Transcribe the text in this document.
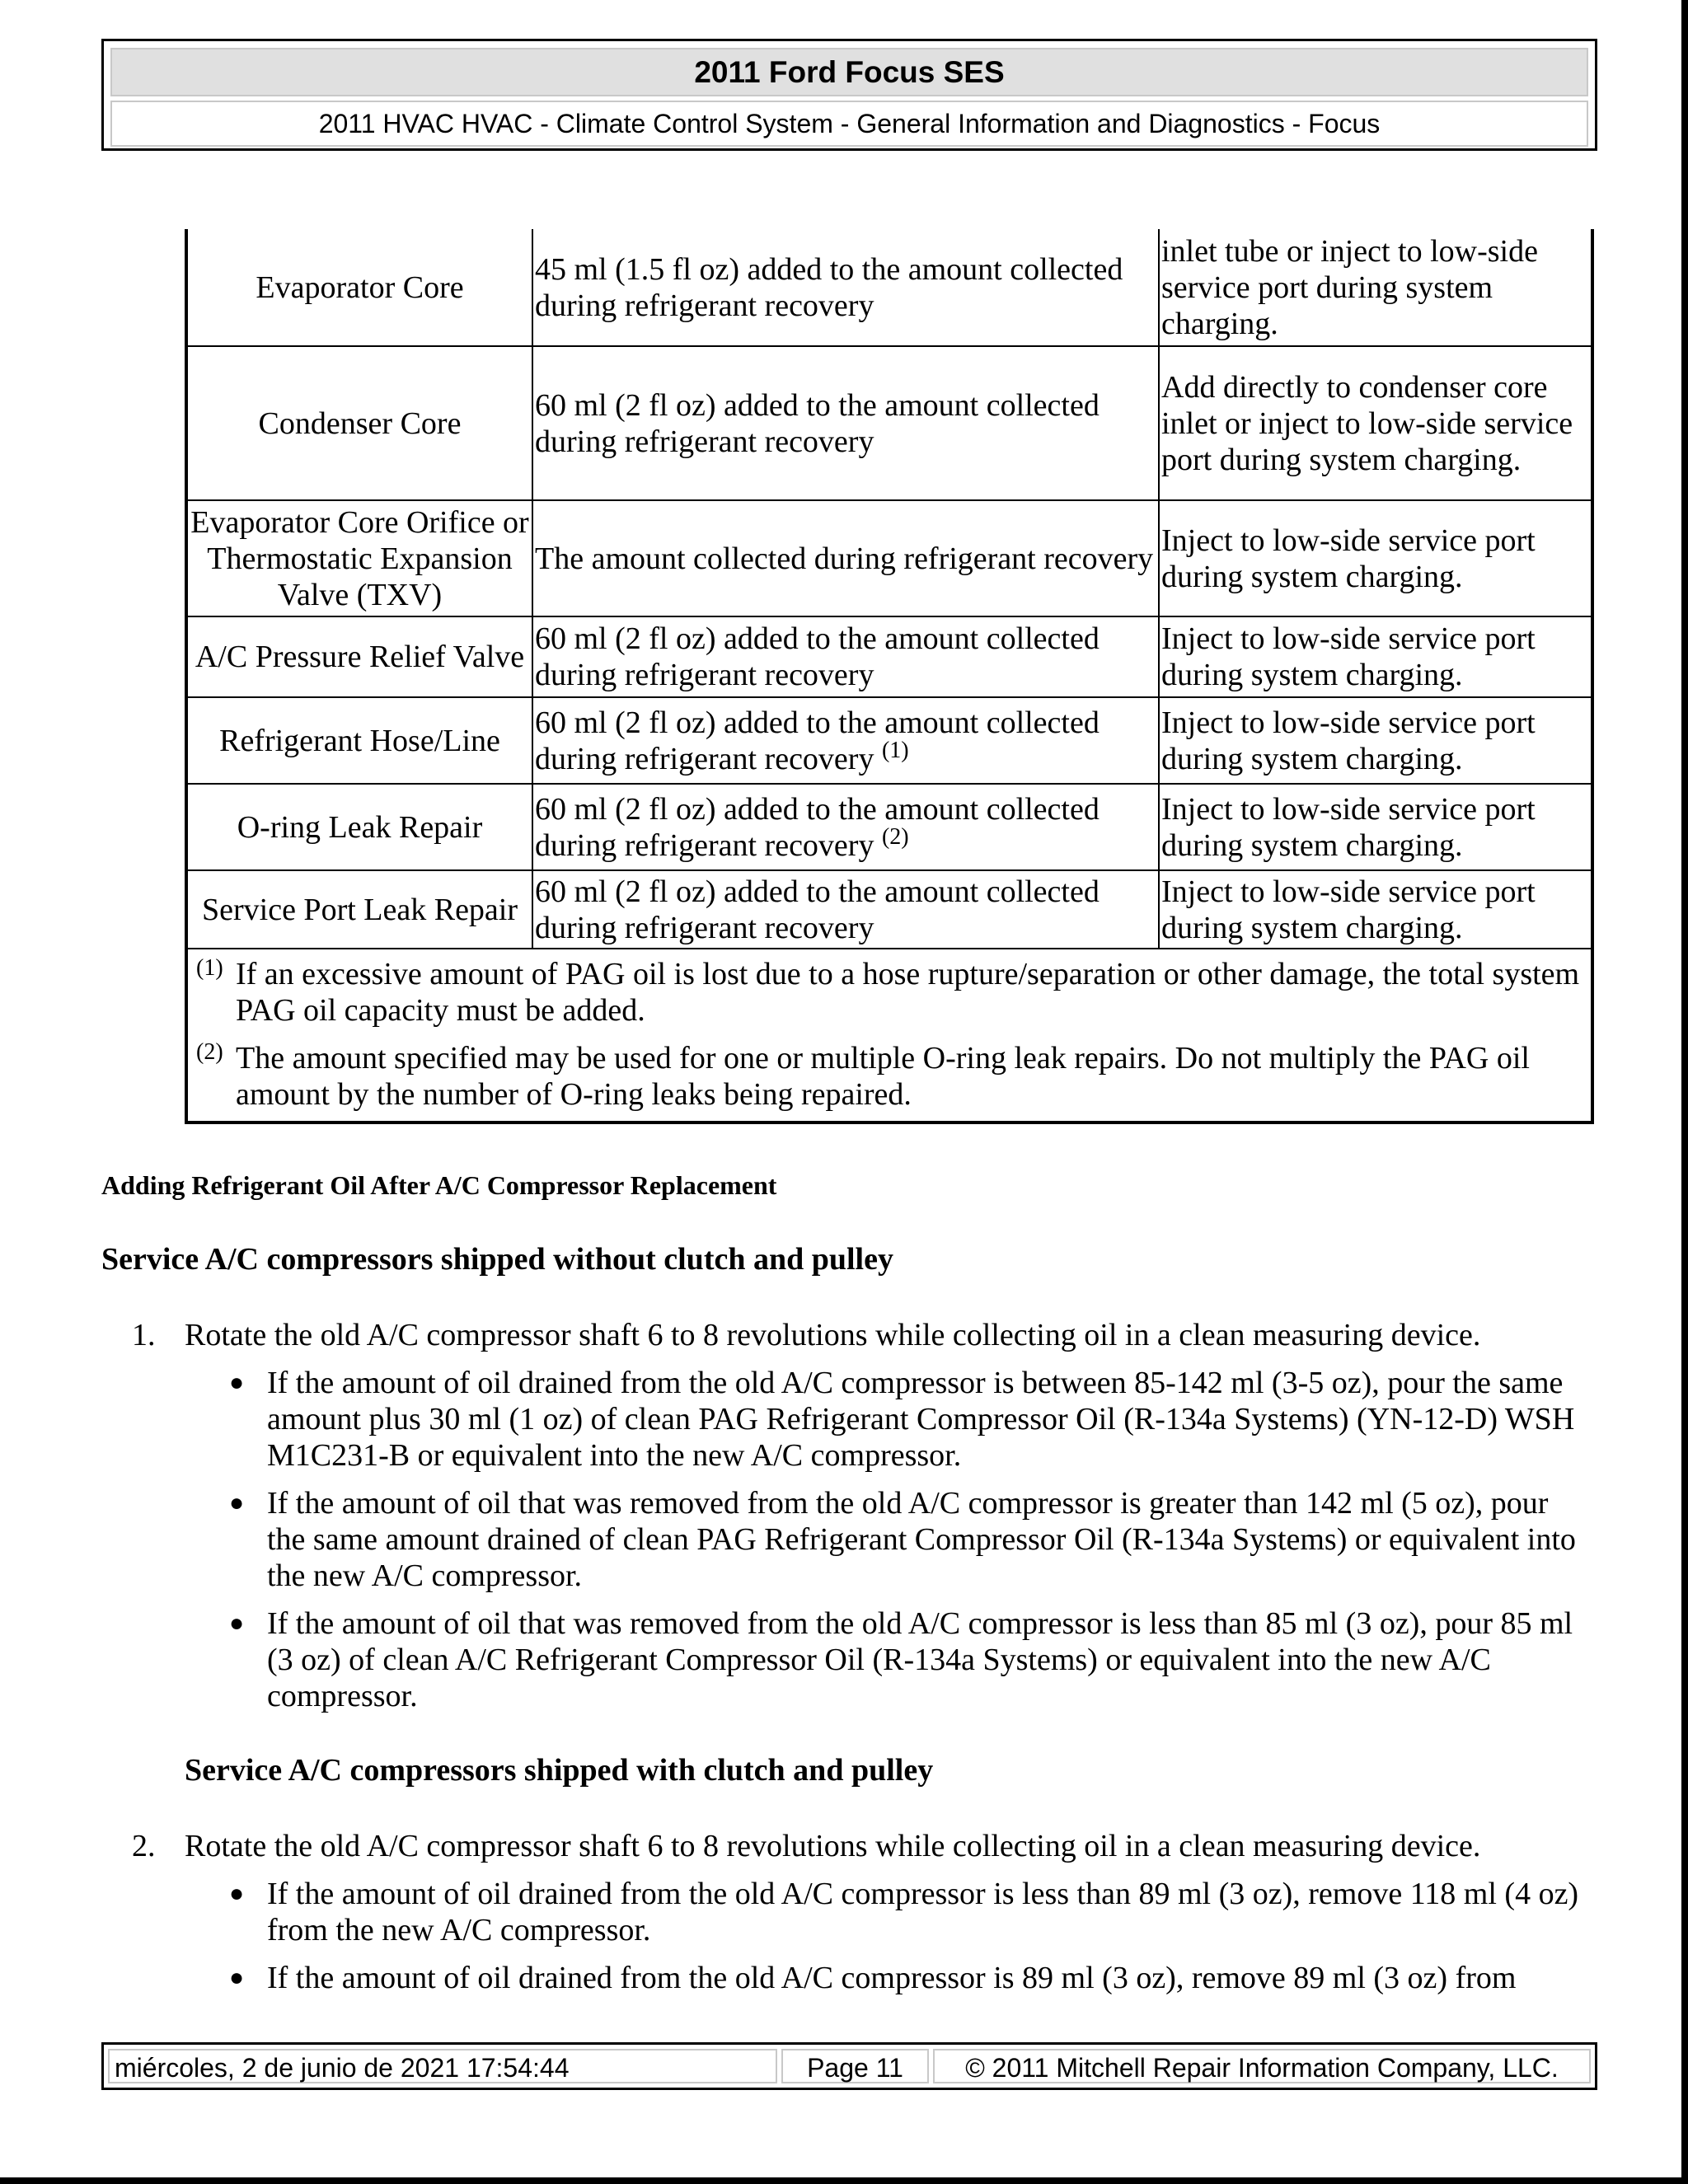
2011 Ford Focus SES
2011 HVAC HVAC - Climate Control System - General Information and Diagnostics - Focus
Evaporator Core	45 ml (1.5 fl oz) added to the amount collected during refrigerant recovery	inlet tube or inject to low-side service port during system charging.
Condenser Core	60 ml (2 fl oz) added to the amount collected during refrigerant recovery	Add directly to condenser core inlet or inject to low-side service port during system charging.
Evaporator Core Orifice or Thermostatic Expansion Valve (TXV)	The amount collected during refrigerant recovery	Inject to low-side service port during system charging.
A/C Pressure Relief Valve	60 ml (2 fl oz) added to the amount collected during refrigerant recovery	Inject to low-side service port during system charging.
Refrigerant Hose/Line	60 ml (2 fl oz) added to the amount collected during refrigerant recovery $^{(1)}$	Inject to low-side service port during system charging.
O-ring Leak Repair	60 ml (2 fl oz) added to the amount collected during refrigerant recovery $^{(2)}$	Inject to low-side service port during system charging.
Service Port Leak Repair	60 ml (2 fl oz) added to the amount collected during refrigerant recovery	Inject to low-side service port during system charging.

(1) If an excessive amount of PAG oil is lost due to a hose rupture/separation or other damage, the total system PAG oil capacity must be added.
(2) The amount specified may be used for one or multiple O-ring leak repairs. Do not multiply the PAG oil amount by the number of O-ring leaks being repaired.		
Adding Refrigerant Oil After A/C Compressor Replacement
Service A/C compressors shipped without clutch and pulley
1. Rotate the old A/C compressor shaft 6 to 8 revolutions while collecting oil in a clean measuring device.
● If the amount of oil drained from the old A/C compressor is between 85-142 ml (3-5 oz), pour the same amount plus 30 ml (1 oz) of clean PAG Refrigerant Compressor Oil (R-134a Systems) (YN-12-D) WSH M1C231-B or equivalent into the new A/C compressor.
● If the amount of oil that was removed from the old A/C compressor is greater than 142 ml (5 oz), pour the same amount drained of clean PAG Refrigerant Compressor Oil (R-134a Systems) or equivalent into the new A/C compressor.
● If the amount of oil that was removed from the old A/C compressor is less than 85 ml (3 oz), pour 85 ml (3 oz) of clean A/C Refrigerant Compressor Oil (R-134a Systems) or equivalent into the new A/C compressor.
Service A/C compressors shipped with clutch and pulley
2. Rotate the old A/C compressor shaft 6 to 8 revolutions while collecting oil in a clean measuring device.
● If the amount of oil drained from the old A/C compressor is less than 89 ml (3 oz), remove 118 ml (4 oz) from the new A/C compressor.
● If the amount of oil drained from the old A/C compressor is 89 ml (3 oz), remove 89 ml (3 oz) from
miércoles, 2 de junio de 2021 17:54:44	Page 11	© 2011 Mitchell Repair Information Company, LLC.
